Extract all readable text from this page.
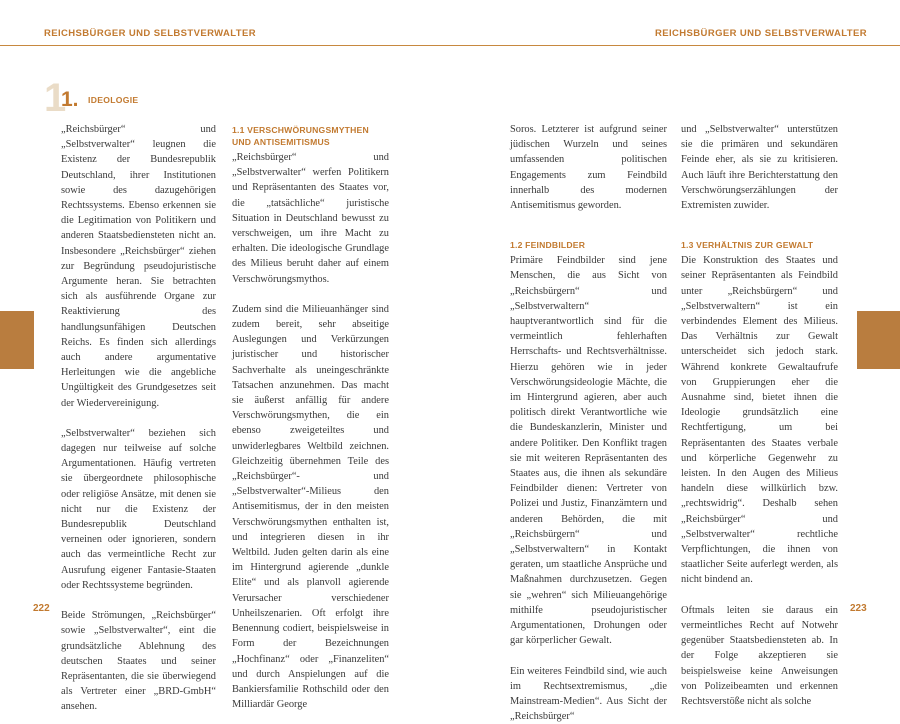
REICHSBÜRGER UND SELBSTVERWALTER
1
1. IDEOLOGIE

„Reichsbürger“ und „Selbstverwalter“ leugnen die Existenz der Bundesrepublik Deutschland, ihrer Institutionen sowie des dazugehörigen Rechtssystems. Ebenso erkennen sie die Legitimation von Politikern und anderen Staatsbediensteten nicht an. Insbesondere „Reichsbürger“ ziehen zur Begründung pseudojuristische Argumente heran. Sie betrachten sich als ausführende Organe zur Reaktivierung des handlungsunfähigen Deutschen Reichs. Es finden sich allerdings auch andere argumentative Herleitungen wie die angebliche Ungültigkeit des Grundgesetzes seit der Wiedervereinigung.

„Selbstverwalter“ beziehen sich dagegen nur teilweise auf solche Argumentationen. Häufig vertreten sie übergeordnete philosophische oder religiöse Ansätze, mit denen sie nicht nur die Existenz der Bundesrepublik Deutschland verneinen oder ignorieren, sondern auch das vermeintliche Recht zur Ausrufung eigener Fantasie-Staaten oder Rechtssysteme begründen.

Beide Strömungen, „Reichsbürger“ sowie „Selbstverwalter“, eint die grundsätzliche Ablehnung des deutschen Staates und seiner Repräsentanten, die sie überwiegend als Vertreter einer „BRD-GmbH“ ansehen.

1.1 VERSCHWÖRUNGSMYTHEN UND ANTISEMITISMUS

„Reichsbürger“ und „Selbstverwalter“ werfen Politikern und Repräsentanten des Staates vor, die „tatsächliche“ juristische Situation in Deutschland bewusst zu verschweigen, um ihre Macht zu erhalten. Die ideologische Grundlage des Milieus beruht daher auf einem Verschwörungsmythos.

Zudem sind die Milieuanhänger sind zudem bereit, sehr abseitige Auslegungen und Verkürzungen juristischer und historischer Sachverhalte als uneingeschränkte Tatsachen anzunehmen. Das macht sie äußerst anfällig für andere Verschwörungsmythen, die ein ebenso zweigeteiltes und unwiderlegbares Weltbild zeichnen. Gleichzeitig übernehmen Teile des „Reichsbürger“- und „Selbstverwalter“-Milieus den Antisemitismus, der in den meisten Verschwörungsmythen enthalten ist, und integrieren diesen in ihr Weltbild. Juden gelten darin als eine im Hintergrund agierende „dunkle Elite“ und als planvoll agierende Verursacher verschiedener Unheilszenarien. Oft erfolgt ihre Benennung codiert, beispielsweise in Form der Bezeichnungen „Hochfinanz“ oder „Finanzeliten“ und durch Anspielungen auf die Bankiersfamilie Rothschild oder den Milliardär George

222
REICHSBÜRGER UND SELBSTVERWALTER

Soros. Letzterer ist aufgrund seiner jüdischen Wurzeln und seines umfassenden politischen Engagements zum Feindbild innerhalb des modernen Antisemitismus geworden.

1.2 FEINDBILDER

Primäre Feindbilder sind jene Menschen, die aus Sicht von „Reichsbürgern“ und „Selbstverwaltern“ hauptverantwortlich sind für die vermeintlich fehlerhaften Herrschafts- und Rechtsverhältnisse. Hierzu gehören wie in jeder Verschwörungsideologie Mächte, die im Hintergrund agieren, aber auch politisch direkt Verantwortliche wie die Bundeskanzlerin, Minister und andere Politiker. Den Konflikt tragen sie mit weiteren Repräsentanten des Staates aus, die ihnen als sekundäre Feindbilder dienen: Vertreter von Polizei und Justiz, Finanzämtern und anderen Behörden, die mit „Reichsbürgern“ und „Selbstverwaltern“ in Kontakt geraten, um staatliche Ansprüche und Maßnahmen durchzusetzen. Gegen sie „wehren“ sich Milieuangehörige mithilfe pseudojuristischer Argumentationen, Drohungen oder gar körperlicher Gewalt.

Ein weiteres Feindbild sind, wie auch im Rechtsextremismus, „die Mainstream-Medien“. Aus Sicht der „Reichsbürger“

und „Selbstverwalter“ unterstützen sie die primären und sekundären Feinde eher, als sie zu kritisieren. Auch läuft ihre Berichterstattung den Verschwörungserzählungen der Extremisten zuwider.

1.3 VERHÄLTNIS ZUR GEWALT

Die Konstruktion des Staates und seiner Repräsentanten als Feindbild unter „Reichsbürgern“ und „Selbstverwaltern“ ist ein verbindendes Element des Milieus. Das Verhältnis zur Gewalt unterscheidet sich jedoch stark. Während konkrete Gewaltaufrufe von Gruppierungen eher die Ausnahme sind, bietet ihnen die Ideologie grundsätzlich eine Rechtfertigung, um bei Repräsentanten des Staates verbale und körperliche Gegenwehr zu leisten. In den Augen des Milieus handeln diese willkürlich bzw. „rechtswidrig“. Deshalb sehen „Reichsbürger“ und „Selbstverwalter“ rechtliche Verpflichtungen, die ihnen von staatlicher Seite auferlegt werden, als nicht bindend an.

Oftmals leiten sie daraus ein vermeintliches Recht auf Notwehr gegenüber Staatsbediensteten ab. In der Folge akzeptieren sie beispielsweise keine Anweisungen von Polizeibeamten und erkennen Rechtsverstöße nicht als solche

223
